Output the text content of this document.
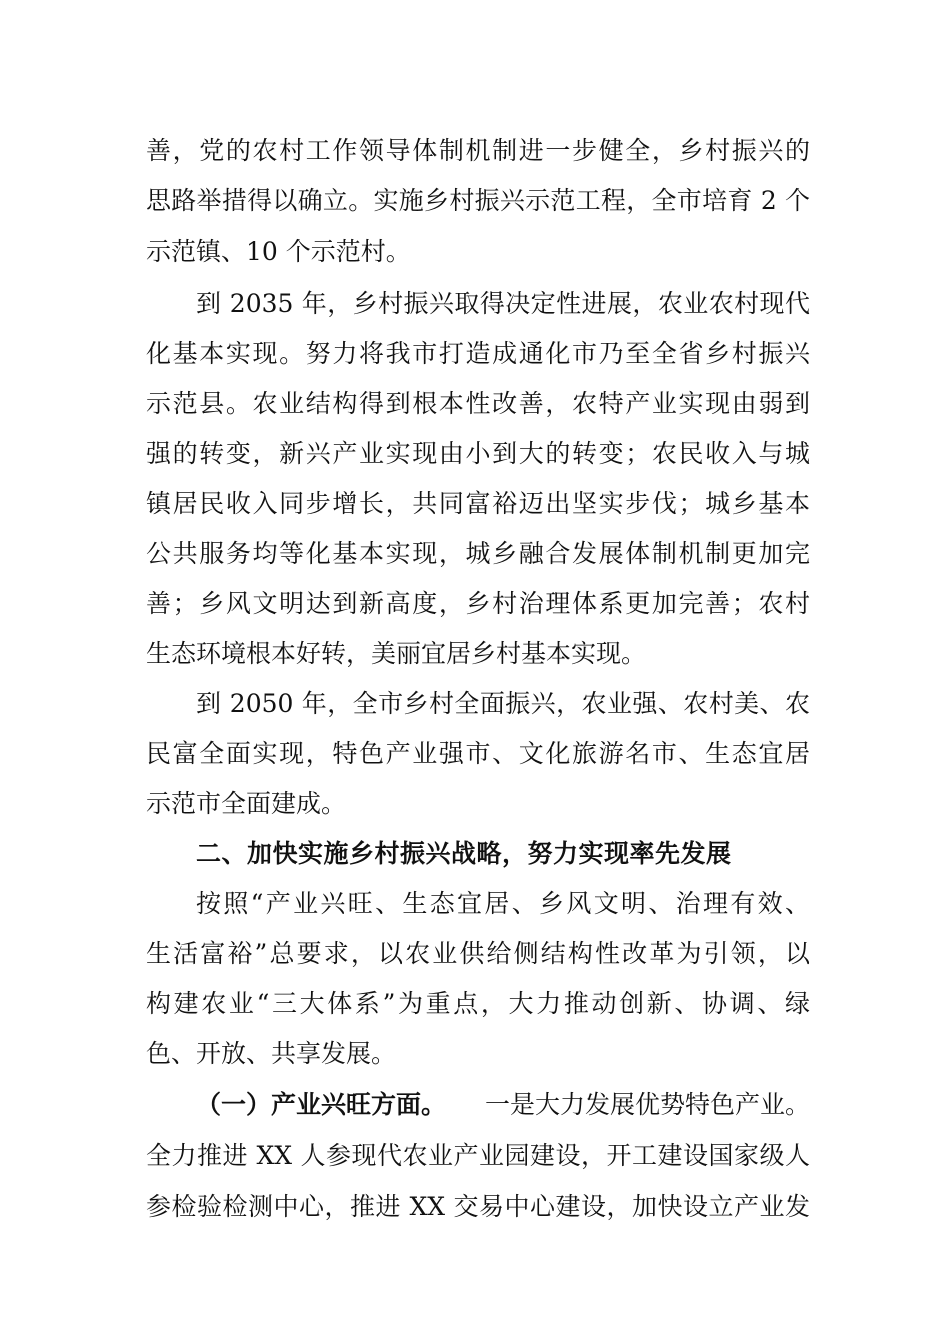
善，党的农村工作领导体制机制进一步健全，乡村振兴的
思路举措得以确立。实施乡村振兴示范工程，全市培育 2 个
示范镇、10 个示范村。
到 2035 年，乡村振兴取得决定性进展，农业农村现代
化基本实现。努力将我市打造成通化市乃至全省乡村振兴
示范县。农业结构得到根本性改善，农特产业实现由弱到
强的转变，新兴产业实现由小到大的转变；农民收入与城
镇居民收入同步增长，共同富裕迈出坚实步伐；城乡基本
公共服务均等化基本实现，城乡融合发展体制机制更加完
善；乡风文明达到新高度，乡村治理体系更加完善；农村
生态环境根本好转，美丽宜居乡村基本实现。
到 2050 年，全市乡村全面振兴，农业强、农村美、农
民富全面实现，特色产业强市、文化旅游名市、生态宜居
示范市全面建成。
二、加快实施乡村振兴战略，努力实现率先发展
按照“产业兴旺、生态宜居、乡风文明、治理有效、
生活富裕”总要求，以农业供给侧结构性改革为引领，以
构建农业“三大体系”为重点，大力推动创新、协调、绿
色、开放、共享发展。
（一）产业兴旺方面。 一是大力发展优势特色产业。
全力推进 XX 人参现代农业产业园建设，开工建设国家级人
参检验检测中心，推进 XX 交易中心建设，加快设立产业发
